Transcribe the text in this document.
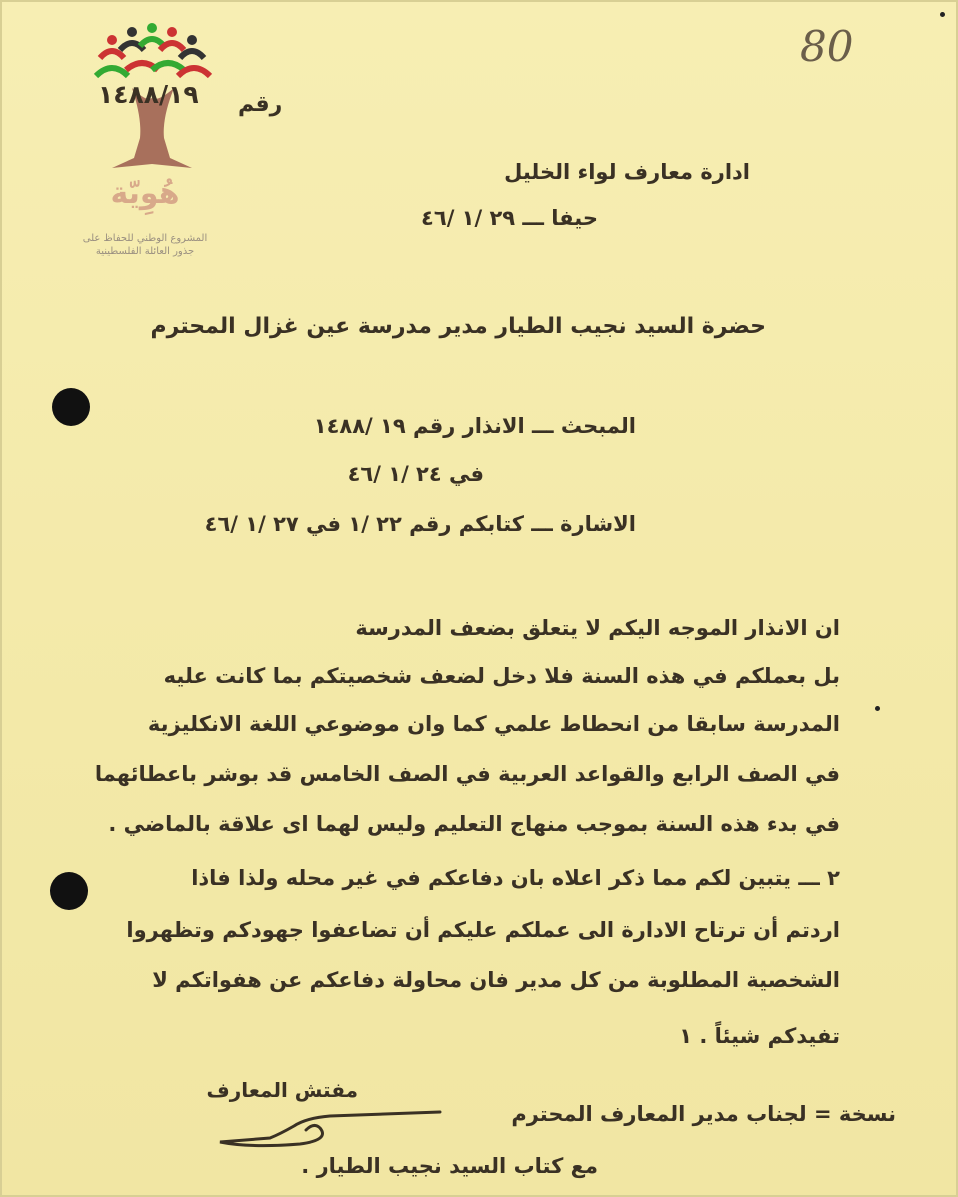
80
هُوِيّة
المشروع الوطني للحفاظ على
جذور العائلة الفلسطينية
١٤٨٨/١٩ رقم
ادارة معارف لواء الخليل
حيفا ـــ ٢٩ /١ /٤٦
حضرة السيد نجيب الطيار مدير مدرسة عين غزال المحترم
المبحث ـــ الانذار رقم ١٩ /١٤٨٨
في ٢٤ /١ /٤٦
الاشارة ـــ كتابكم رقم ٢٢ /١ في ٢٧ /١ /٤٦
ان الانذار الموجه اليكم لا يتعلق بضعف المدرسة
بل بعملكم في هذه السنة فلا دخل لضعف شخصيتكم بما كانت عليه
المدرسة سابقا من انحطاط علمي كما وان موضوعي اللغة الانكليزية
في الصف الرابع والقواعد العربية في الصف الخامس قد بوشر باعطائهما
في بدء هذه السنة بموجب منهاج التعليم وليس لهما اى علاقة بالماضي .
٢ ـــ يتبين لكم مما ذكر اعلاه بان دفاعكم في غير محله ولذا فاذا
اردتم أن ترتاح الادارة الى عملكم عليكم أن تضاعفوا جهودكم وتظهروا
الشخصية المطلوبة من كل مدير فان محاولة دفاعكم عن هفواتكم لا
تفيدكم شيئاً . ١
مفتش المعارف
نسخة = لجناب مدير المعارف المحترم
مع كتاب السيد نجيب الطيار .
